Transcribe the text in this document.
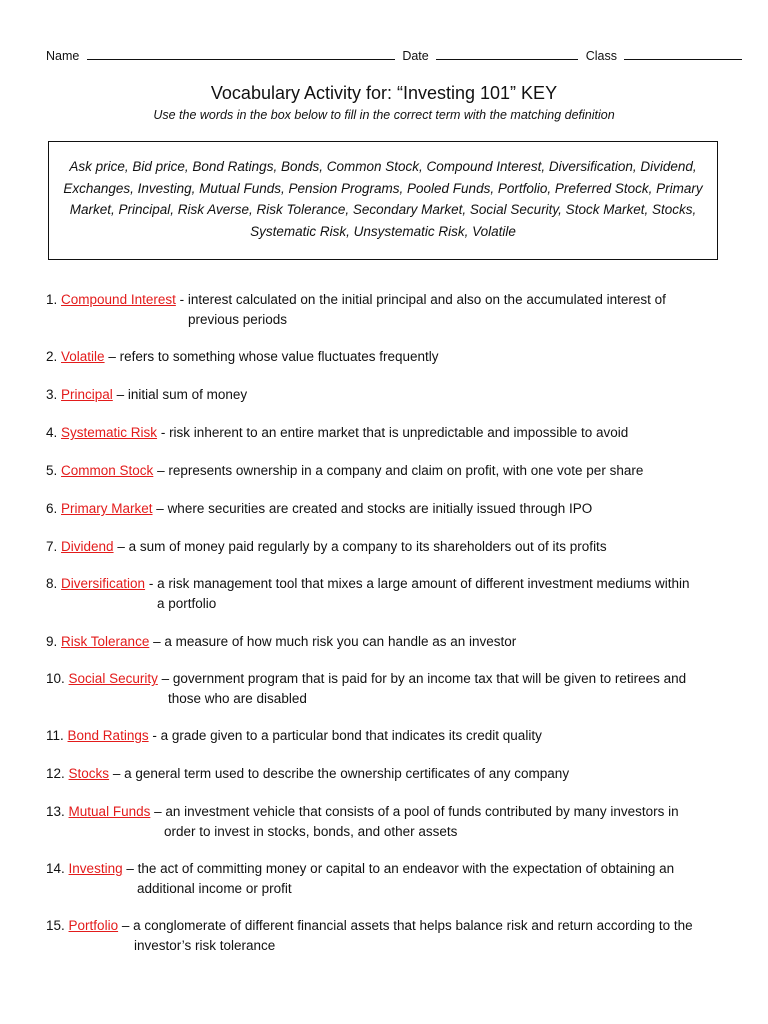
Name	Date	Class
Vocabulary Activity for: “Investing 101” KEY
Use the words in the box below to fill in the correct term with the matching definition
Ask price, Bid price, Bond Ratings, Bonds, Common Stock, Compound Interest, Diversification, Dividend, Exchanges, Investing, Mutual Funds, Pension Programs, Pooled Funds, Portfolio, Preferred Stock, Primary Market, Principal, Risk Averse, Risk Tolerance, Secondary Market, Social Security, Stock Market, Stocks, Systematic Risk, Unsystematic Risk, Volatile
1. Compound Interest - interest calculated on the initial principal and also on the accumulated interest of
previous periods
2. Volatile – refers to something whose value fluctuates frequently
3. Principal – initial sum of money
4. Systematic Risk - risk inherent to an entire market that is unpredictable and impossible to avoid
5. Common Stock – represents ownership in a company and claim on profit, with one vote per share
6. Primary Market – where securities are created and stocks are initially issued through IPO
7. Dividend – a sum of money paid regularly by a company to its shareholders out of its profits
8. Diversification - a risk management tool that mixes a large amount of different investment mediums within
a portfolio
9. Risk Tolerance – a measure of how much risk you can handle as an investor
10. Social Security – government program that is paid for by an income tax that will be given to retirees and
those who are disabled
11. Bond Ratings - a grade given to a particular bond that indicates its credit quality
12. Stocks – a general term used to describe the ownership certificates of any company
13. Mutual Funds – an investment vehicle that consists of a pool of funds contributed by many investors in
order to invest in stocks, bonds, and other assets
14. Investing – the act of committing money or capital to an endeavor with the expectation of obtaining an
additional income or profit
15. Portfolio – a conglomerate of different financial assets that helps balance risk and return according to the
investor’s risk tolerance
